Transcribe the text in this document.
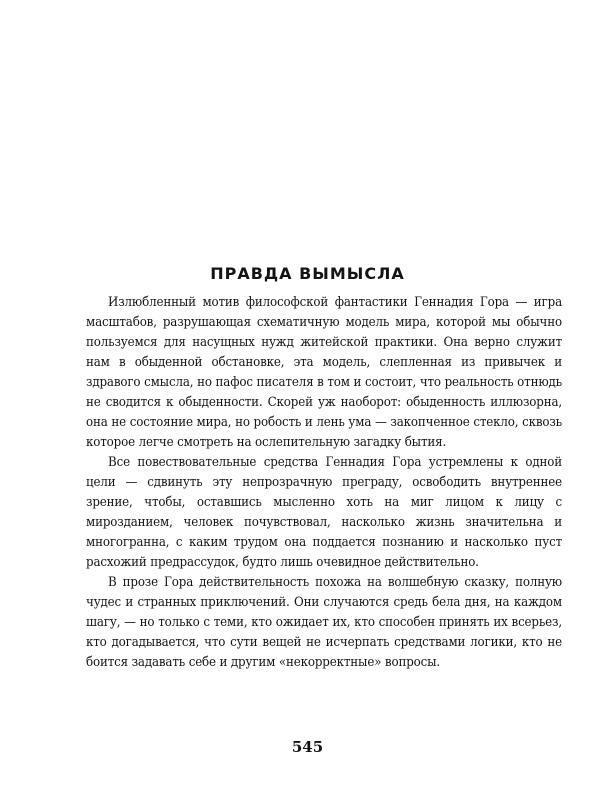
ПРАВДА ВЫМЫСЛА

Излюбленный мотив философской фантастики Геннадия Гора — игра масштабов, разрушающая схематичную модель мира, которой мы обычно пользуемся для насущных нужд житейской практики. Она верно служит нам в обыденной обстановке, эта модель, слепленная из привычек и здравого смысла, но пафос писателя в том и состоит, что реальность отнюдь не сводится к обыденности. Скорей уж наоборот: обыденность иллюзорна, она не состояние мира, но робость и лень ума — закопченное стекло, сквозь которое легче смотреть на ослепительную загадку бытия.

Все повествовательные средства Геннадия Гора устремлены к одной цели — сдвинуть эту непрозрачную преграду, освободить внутреннее зрение, чтобы, оставшись мысленно хоть на миг лицом к лицу с мирозданием, человек почувствовал, насколько жизнь значительна и многогранна, с каким трудом она поддается познанию и насколько пуст расхожий предрассудок, будто лишь очевидное действительно.

В прозе Гора действительность похожа на волшебную сказку, полную чудес и странных приключений. Они случаются средь бела дня, на каждом шагу, — но только с теми, кто ожидает их, кто способен принять их всерьез, кто догадывается, что сути вещей не исчерпать средствами логики, кто не боится задавать себе и другим «некорректные» вопросы.

545
